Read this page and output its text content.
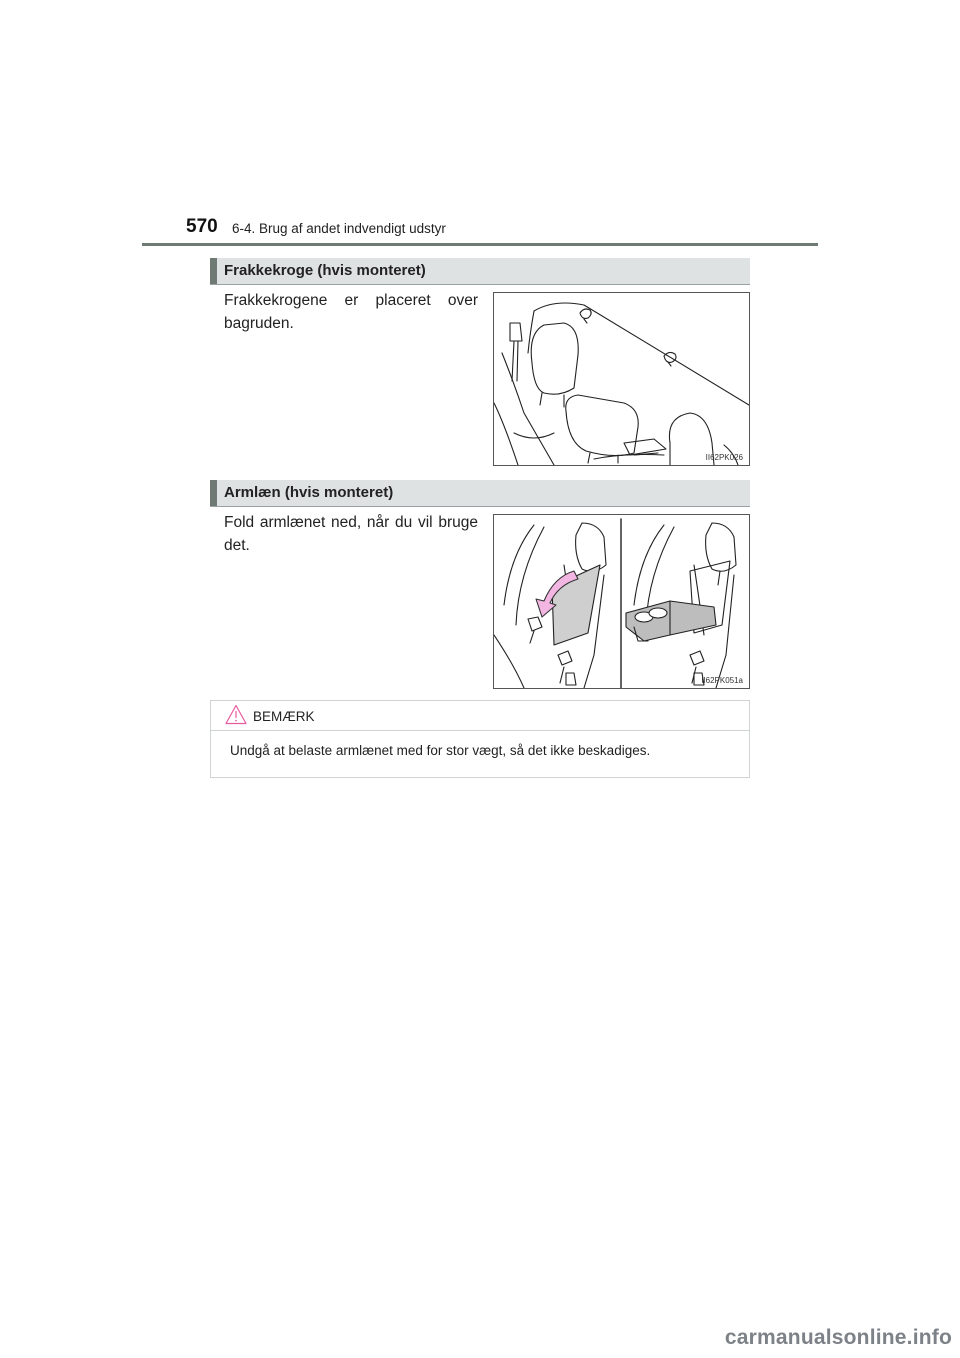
570 6-4. Brug af andet indvendigt udstyr
Frakkekroge (hvis monteret)
Frakkekrogene er placeret over bagruden.
II62PK026
Armlæn (hvis monteret)
Fold armlænet ned, når du vil bruge det.
II62PK051a
BEMÆRK
Undgå at belaste armlænet med for stor vægt, så det ikke beskadiges.
carmanualsonline.info
